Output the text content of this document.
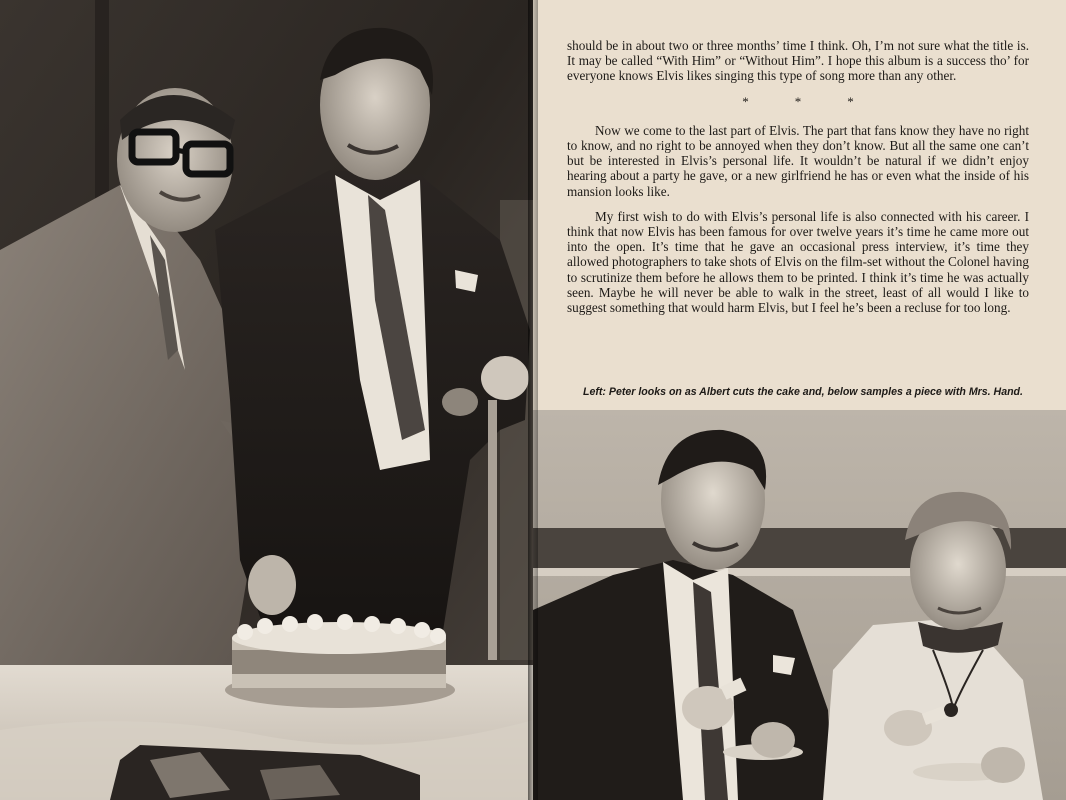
should be in about two or three months’ time I think. Oh, I’m not sure what the title is. It may be called “With Him” or “Without Him”. I hope this album is a success tho’ for everyone knows Elvis likes singing this type of song more than any other.

*	*	*

Now we come to the last part of Elvis. The part that fans know they have no right to know, and no right to be annoyed when they don’t know. But all the same one can’t but be interested in Elvis’s personal life. It wouldn’t be natural if we didn’t enjoy hearing about a party he gave, or a new girlfriend he has or even what the inside of his mansion looks like.

My first wish to do with Elvis’s personal life is also connected with his career. I think that now Elvis has been famous for over twelve years it’s time he came more out into the open. It’s time that he gave an occasional press interview, it’s time they allowed photographers to take shots of Elvis on the film-set without the Colonel having to scrutinize them before he allows them to be printed. I think it’s time he was actually seen. Maybe he will never be able to walk in the street, least of all would I like to suggest something that would harm Elvis, but I feel he’s been a recluse for too long.

Left: Peter looks on as Albert cuts the cake and, below samples a piece with Mrs. Hand.
